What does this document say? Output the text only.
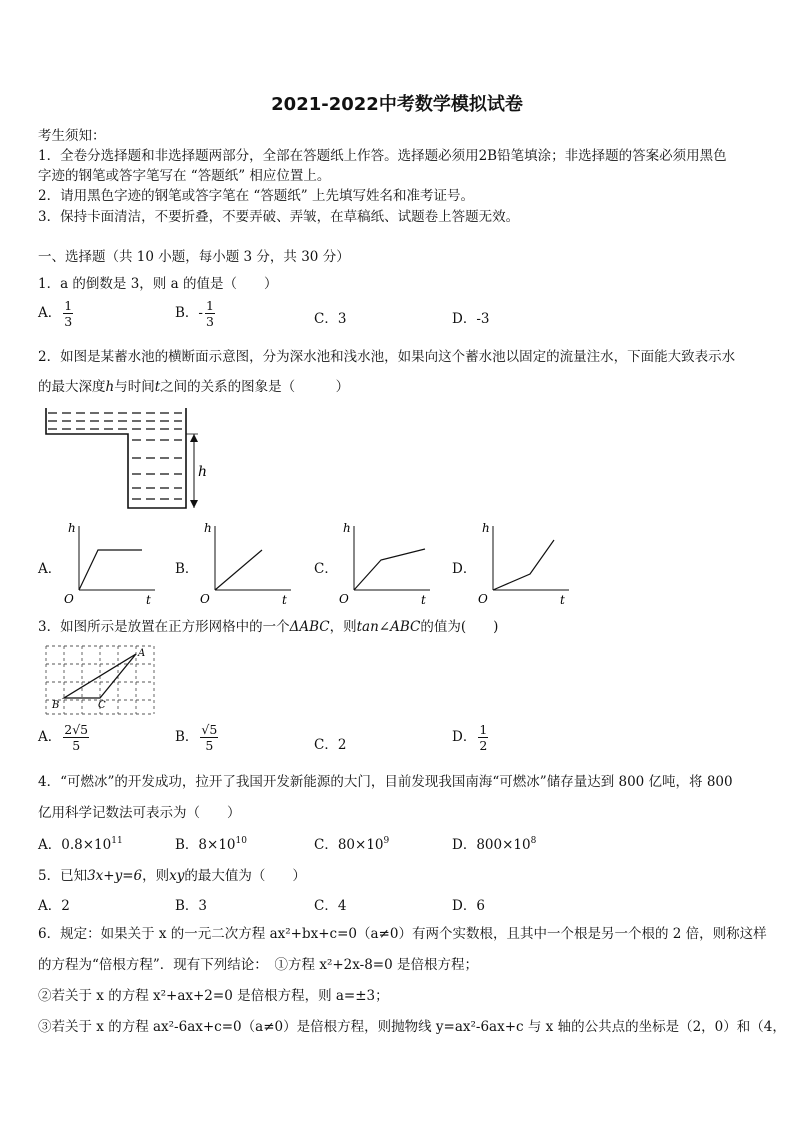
2021-2022中考数学模拟试卷
考生须知：
1．全卷分选择题和非选择题两部分，全部在答题纸上作答。选择题必须用2B铅笔填涂；非选择题的答案必须用黑色
字迹的钢笔或答字笔写在 “答题纸” 相应位置上。
2．请用黑色字迹的钢笔或答字笔在 “答题纸” 上先填写姓名和准考证号。
3．保持卡面清洁，不要折叠，不要弄破、弄皱，在草稿纸、试题卷上答题无效。
一、选择题（共 10 小题，每小题 3 分，共 30 分）
1．a 的倒数是 3，则 a 的值是（　　）
A． $\frac{1}{3}$	B．- $\frac{1}{3}$	C．3	D．-3
2．如图是某蓄水池的横断面示意图，分为深水池和浅水池，如果向这个蓄水池以固定的流量注水，下面能大致表示水
的最大深度h与时间t之间的关系的图象是（　　　）
h
A．	B．	C．	D．
h
t
O
h
t
O
h
t
O
h
t
O
3．如图所示是放置在正方形网格中的一个ΔABC，则tan∠ABC的值为(　　)
A
B	C
A． $\frac{2√5}{5}$	B． $\frac{√5}{5}$	C．2	D． $\frac{1}{2}$
4．“可燃冰”的开发成功，拉开了我国开发新能源的大门，目前发现我国南海“可燃冰”储存量达到 800 亿吨，将 800
亿用科学记数法可表示为（　　）
A．$0.8\times 10^{11}$	B．$8\times 10^{10}$	C．$80\times 10^9$	D．$800\times 10^8$
5．已知3x+y=6，则xy的最大值为（　　）
A．2	B．3	C．4	D．6
6．规定：如果关于 x 的一元二次方程 ax²+bx+c=0（a≠0）有两个实数根，且其中一个根是另一个根的 2 倍，则称这样
的方程为“倍根方程”．现有下列结论：　①方程 x²+2x-8=0 是倍根方程；
②若关于 x 的方程 x²+ax+2=0 是倍根方程，则 a=±3；
③若关于 x 的方程 ax²-6ax+c=0（a≠0）是倍根方程，则抛物线 y=ax²-6ax+c 与 x 轴的公共点的坐标是（2，0）和（4，
